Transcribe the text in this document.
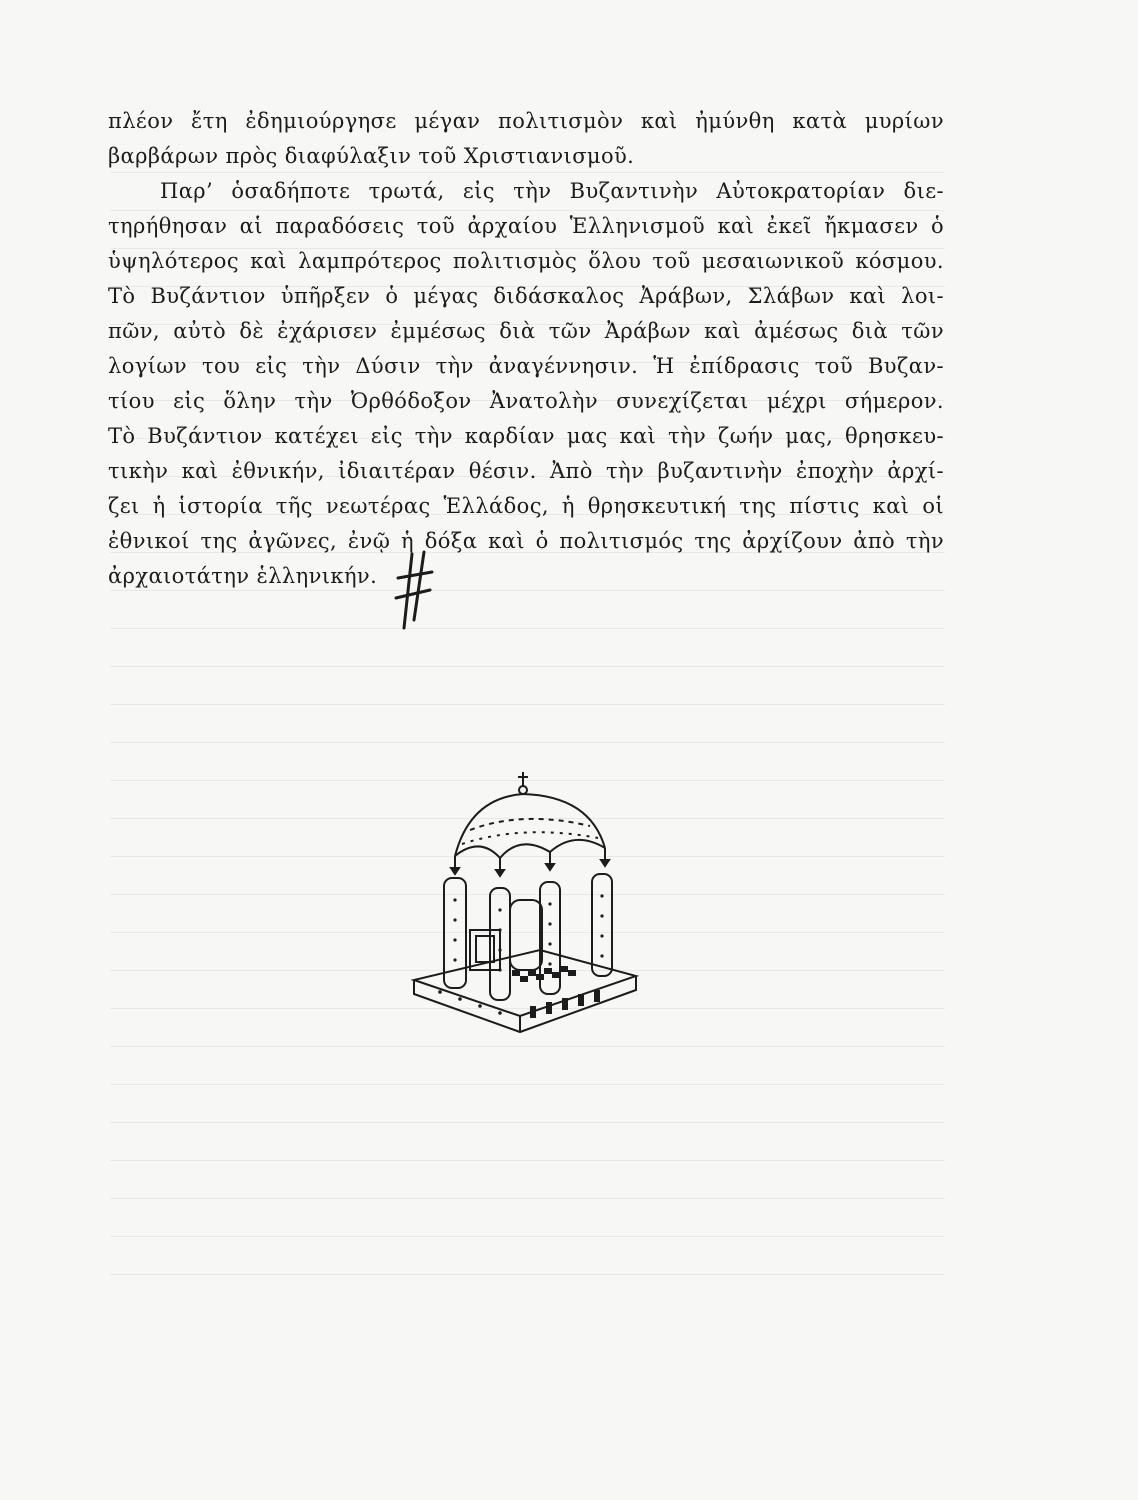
πλέον ἔτη ἐδημιούργησε μέγαν πολιτισμὸν καὶ ἠμύνθη κατὰ μυρίων
βαρβάρων πρὸς διαφύλαξιν τοῦ Χριστιανισμοῦ.
Παρ’ ὁσαδήποτε τρωτά, εἰς τὴν Βυζαντινὴν Αὐτοκρατορίαν διε-
τηρήθησαν αἱ παραδόσεις τοῦ ἀρχαίου Ἑλληνισμοῦ καὶ ἐκεῖ ἤκμασεν ὁ
ὑψηλότερος καὶ λαμπρότερος πολιτισμὸς ὅλου τοῦ μεσαιωνικοῦ κόσμου.
Τὸ Βυζάντιον ὑπῆρξεν ὁ μέγας διδάσκαλος Ἀράβων, Σλάβων καὶ λοι-
πῶν, αὐτὸ δὲ ἐχάρισεν ἐμμέσως διὰ τῶν Ἀράβων καὶ ἀμέσως διὰ τῶν
λογίων του εἰς τὴν Δύσιν τὴν ἀναγέννησιν. Ἡ ἐπίδρασις τοῦ Βυζαν-
τίου εἰς ὅλην τὴν Ὀρθόδοξον Ἀνατολὴν συνεχίζεται μέχρι σήμερον.
Τὸ Βυζάντιον κατέχει εἰς τὴν καρδίαν μας καὶ τὴν ζωήν μας, θρησκευ-
τικὴν καὶ ἐθνικήν, ἰδιαιτέραν θέσιν. Ἀπὸ τὴν βυζαντινὴν ἐποχὴν ἀρχί-
ζει ἡ ἱστορία τῆς νεωτέρας Ἑλλάδος, ἡ θρησκευτική της πίστις καὶ οἱ
ἐθνικοί της ἀγῶνες, ἐνῷ ἡ δόξα καὶ ὁ πολιτισμός της ἀρχίζουν ἀπὸ τὴν
ἀρχαιοτάτην ἑλληνικήν.
